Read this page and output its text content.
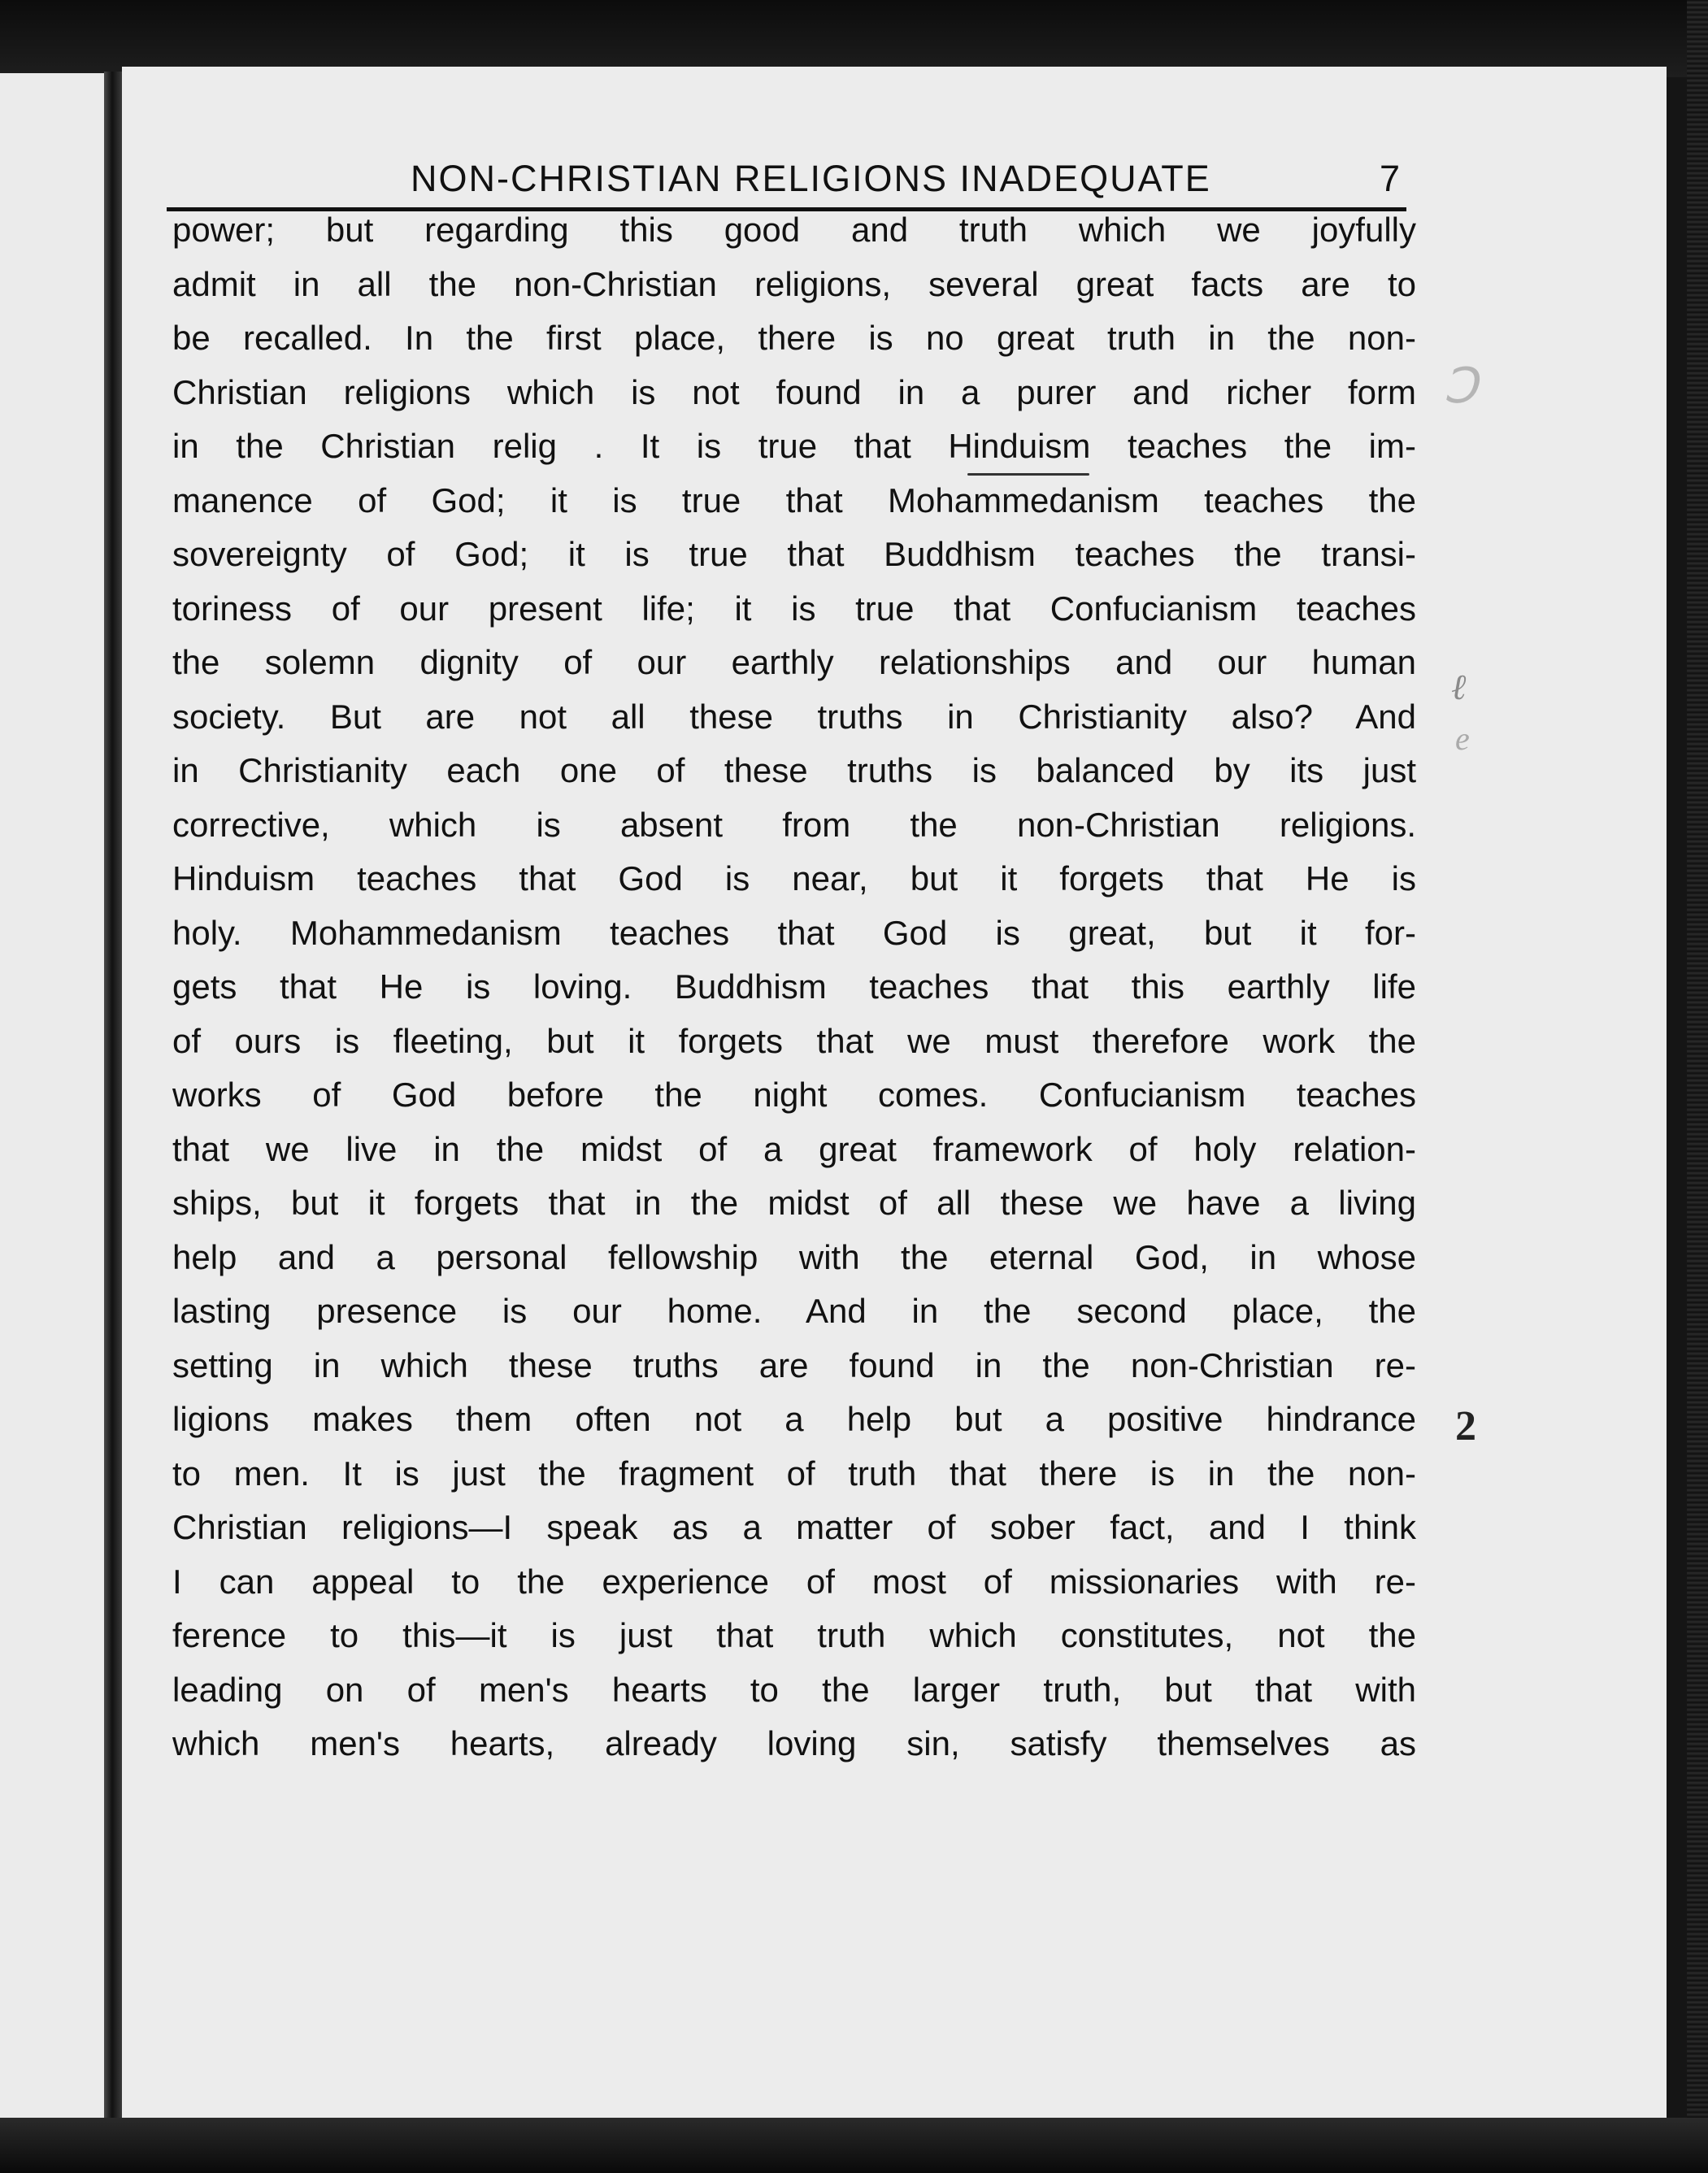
NON-CHRISTIAN RELIGIONS INADEQUATE	7
power; but regarding this good and truth which we joyfully
admit in all the non-Christian religions, several great facts are to
be recalled. In the first place, there is no great truth in the non-
Christian religions which is not found in a purer and richer form
in the Christian relig . It is true that Hinduism teaches the im-
manence of God; it is true that Mohammedanism teaches the
sovereignty of God; it is true that Buddhism teaches the transi-
toriness of our present life; it is true that Confucianism teaches
the solemn dignity of our earthly relationships and our human
society. But are not all these truths in Christianity also? And
in Christianity each one of these truths is balanced by its just
corrective, which is absent from the non-Christian religions.
Hinduism teaches that God is near, but it forgets that He is
holy. Mohammedanism teaches that God is great, but it for-
gets that He is loving. Buddhism teaches that this earthly life
of ours is fleeting, but it forgets that we must therefore work the
works of God before the night comes. Confucianism teaches
that we live in the midst of a great framework of holy relation-
ships, but it forgets that in the midst of all these we have a living
help and a personal fellowship with the eternal God, in whose
lasting presence is our home. And in the second place, the
setting in which these truths are found in the non-Christian re-
ligions makes them often not a help but a positive hindrance
to men. It is just the fragment of truth that there is in the non-
Christian religions—I speak as a matter of sober fact, and I think
I can appeal to the experience of most of missionaries with re-
ference to this—it is just that truth which constitutes, not the
leading on of men's hearts to the larger truth, but that with
which men's hearts, already loving sin, satisfy themselves as
Ↄ
ℓ
e
2
